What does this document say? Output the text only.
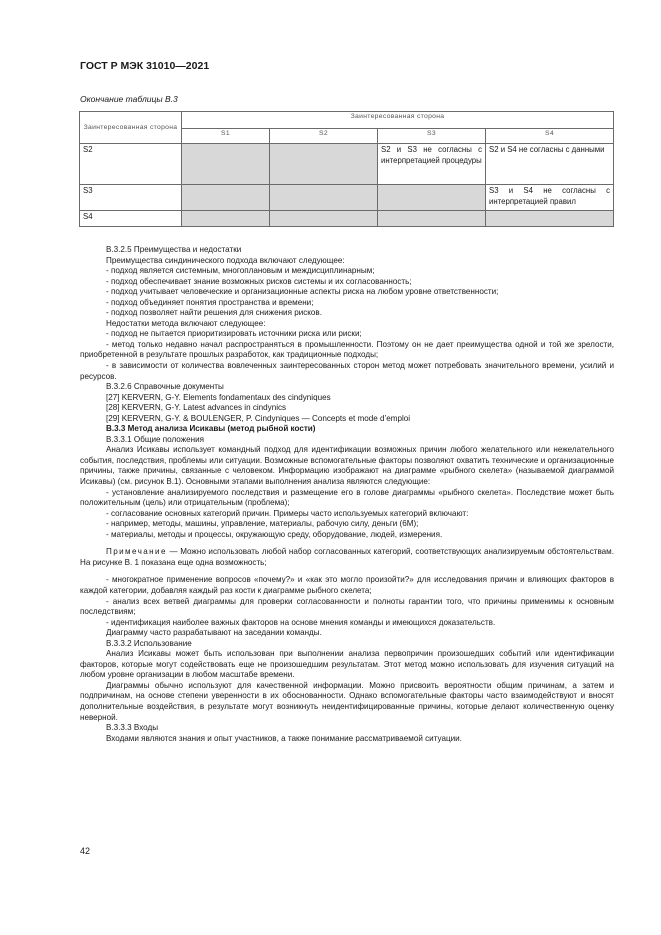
ГОСТ Р МЭК 31010—2021
Окончание таблицы В.3
Заинтересованная сторона	Заинтересованная сторона			
	S1	S2	S3	S4
S2			S2 и S3 не согласны с интерпретацией процедуры	S2 и S4 не согласны с данными
S3				S3 и S4 не согласны с интерпретацией правил
S4				

В.3.2.5 Преимущества и недостатки

Преимущества синдинического подхода включают следующее:

- подход является системным, многоплановым и междисциплинарным;

- подход обеспечивает знание возможных рисков системы и их согласованность;

- подход учитывает человеческие и организационные аспекты риска на любом уровне ответственности;

- подход объединяет понятия пространства и времени;

- подход позволяет найти решения для снижения рисков.

Недостатки метода включают следующее:

- подход не пытается приоритизировать источники риска или риски;

- метод только недавно начал распространяться в промышленности. Поэтому он не дает преимущества одной и той же зрелости, приобретенной в результате прошлых разработок, как традиционные подходы;

- в зависимости от количества вовлеченных заинтересованных сторон метод может потребовать значительного времени, усилий и ресурсов.

В.3.2.6 Справочные документы

[27] KERVERN, G-Y. Elements fondamentaux des cindyniques

[28] KERVERN, G-Y. Latest advances in cindynics

[29] KERVERN, G-Y. & BOULENGER, P. Cindyniques — Concepts et mode d’emploi

В.3.3 Метод анализа Исикавы (метод рыбной кости)

В.3.3.1 Общие положения

Анализ Исикавы использует командный подход для идентификации возможных причин любого желательного или нежелательного события, последствия, проблемы или ситуации. Возможные вспомогательные факторы позволяют охватить технические и организационные причины, также причины, связанные с человеком. Информацию изображают на диаграмме «рыбного скелета» (называемой диаграммой Исикавы) (см. рисунок В.1). Основными этапами выполнения анализа являются следующие:

- установление анализируемого последствия и размещение его в голове диаграммы «рыбного скелета». Последствие может быть положительным (цель) или отрицательным (проблема);

- согласование основных категорий причин. Примеры часто используемых категорий включают:

- например, методы, машины, управление, материалы, рабочую силу, деньги (6M);

- материалы, методы и процессы, окружающую среду, оборудование, людей, измерения.

Примечание — Можно использовать любой набор согласованных категорий, соответствующих анализируемым обстоятельствам. На рисунке В. 1 показана еще одна возможность;

- многократное применение вопросов «почему?» и «как это могло произойти?» для исследования причин и влияющих факторов в каждой категории, добавляя каждый раз кости к диаграмме рыбного скелета;

- анализ всех ветвей диаграммы для проверки согласованности и полноты гарантии того, что причины применимы к основным последствиям;

- идентификация наиболее важных факторов на основе мнения команды и имеющихся доказательств.

Диаграмму часто разрабатывают на заседании команды.

В.3.3.2 Использование

Анализ Исикавы может быть использован при выполнении анализа первопричин произошедших событий или идентификации факторов, которые могут содействовать еще не произошедшим результатам. Этот метод можно использовать для изучения ситуаций на любом уровне организации в любом масштабе времени.

Диаграммы обычно используют для качественной информации. Можно присвоить вероятности общим причинам, а затем и подпричинам, на основе степени уверенности в их обоснованности. Однако вспомогательные факторы часто взаимодействуют и вносят дополнительные воздействия, в результате могут возникнуть неидентифицированные причины, которые делают количественную оценку неверной.

В.3.3.3 Входы

Входами являются знания и опыт участников, а также понимание рассматриваемой ситуации.

42
